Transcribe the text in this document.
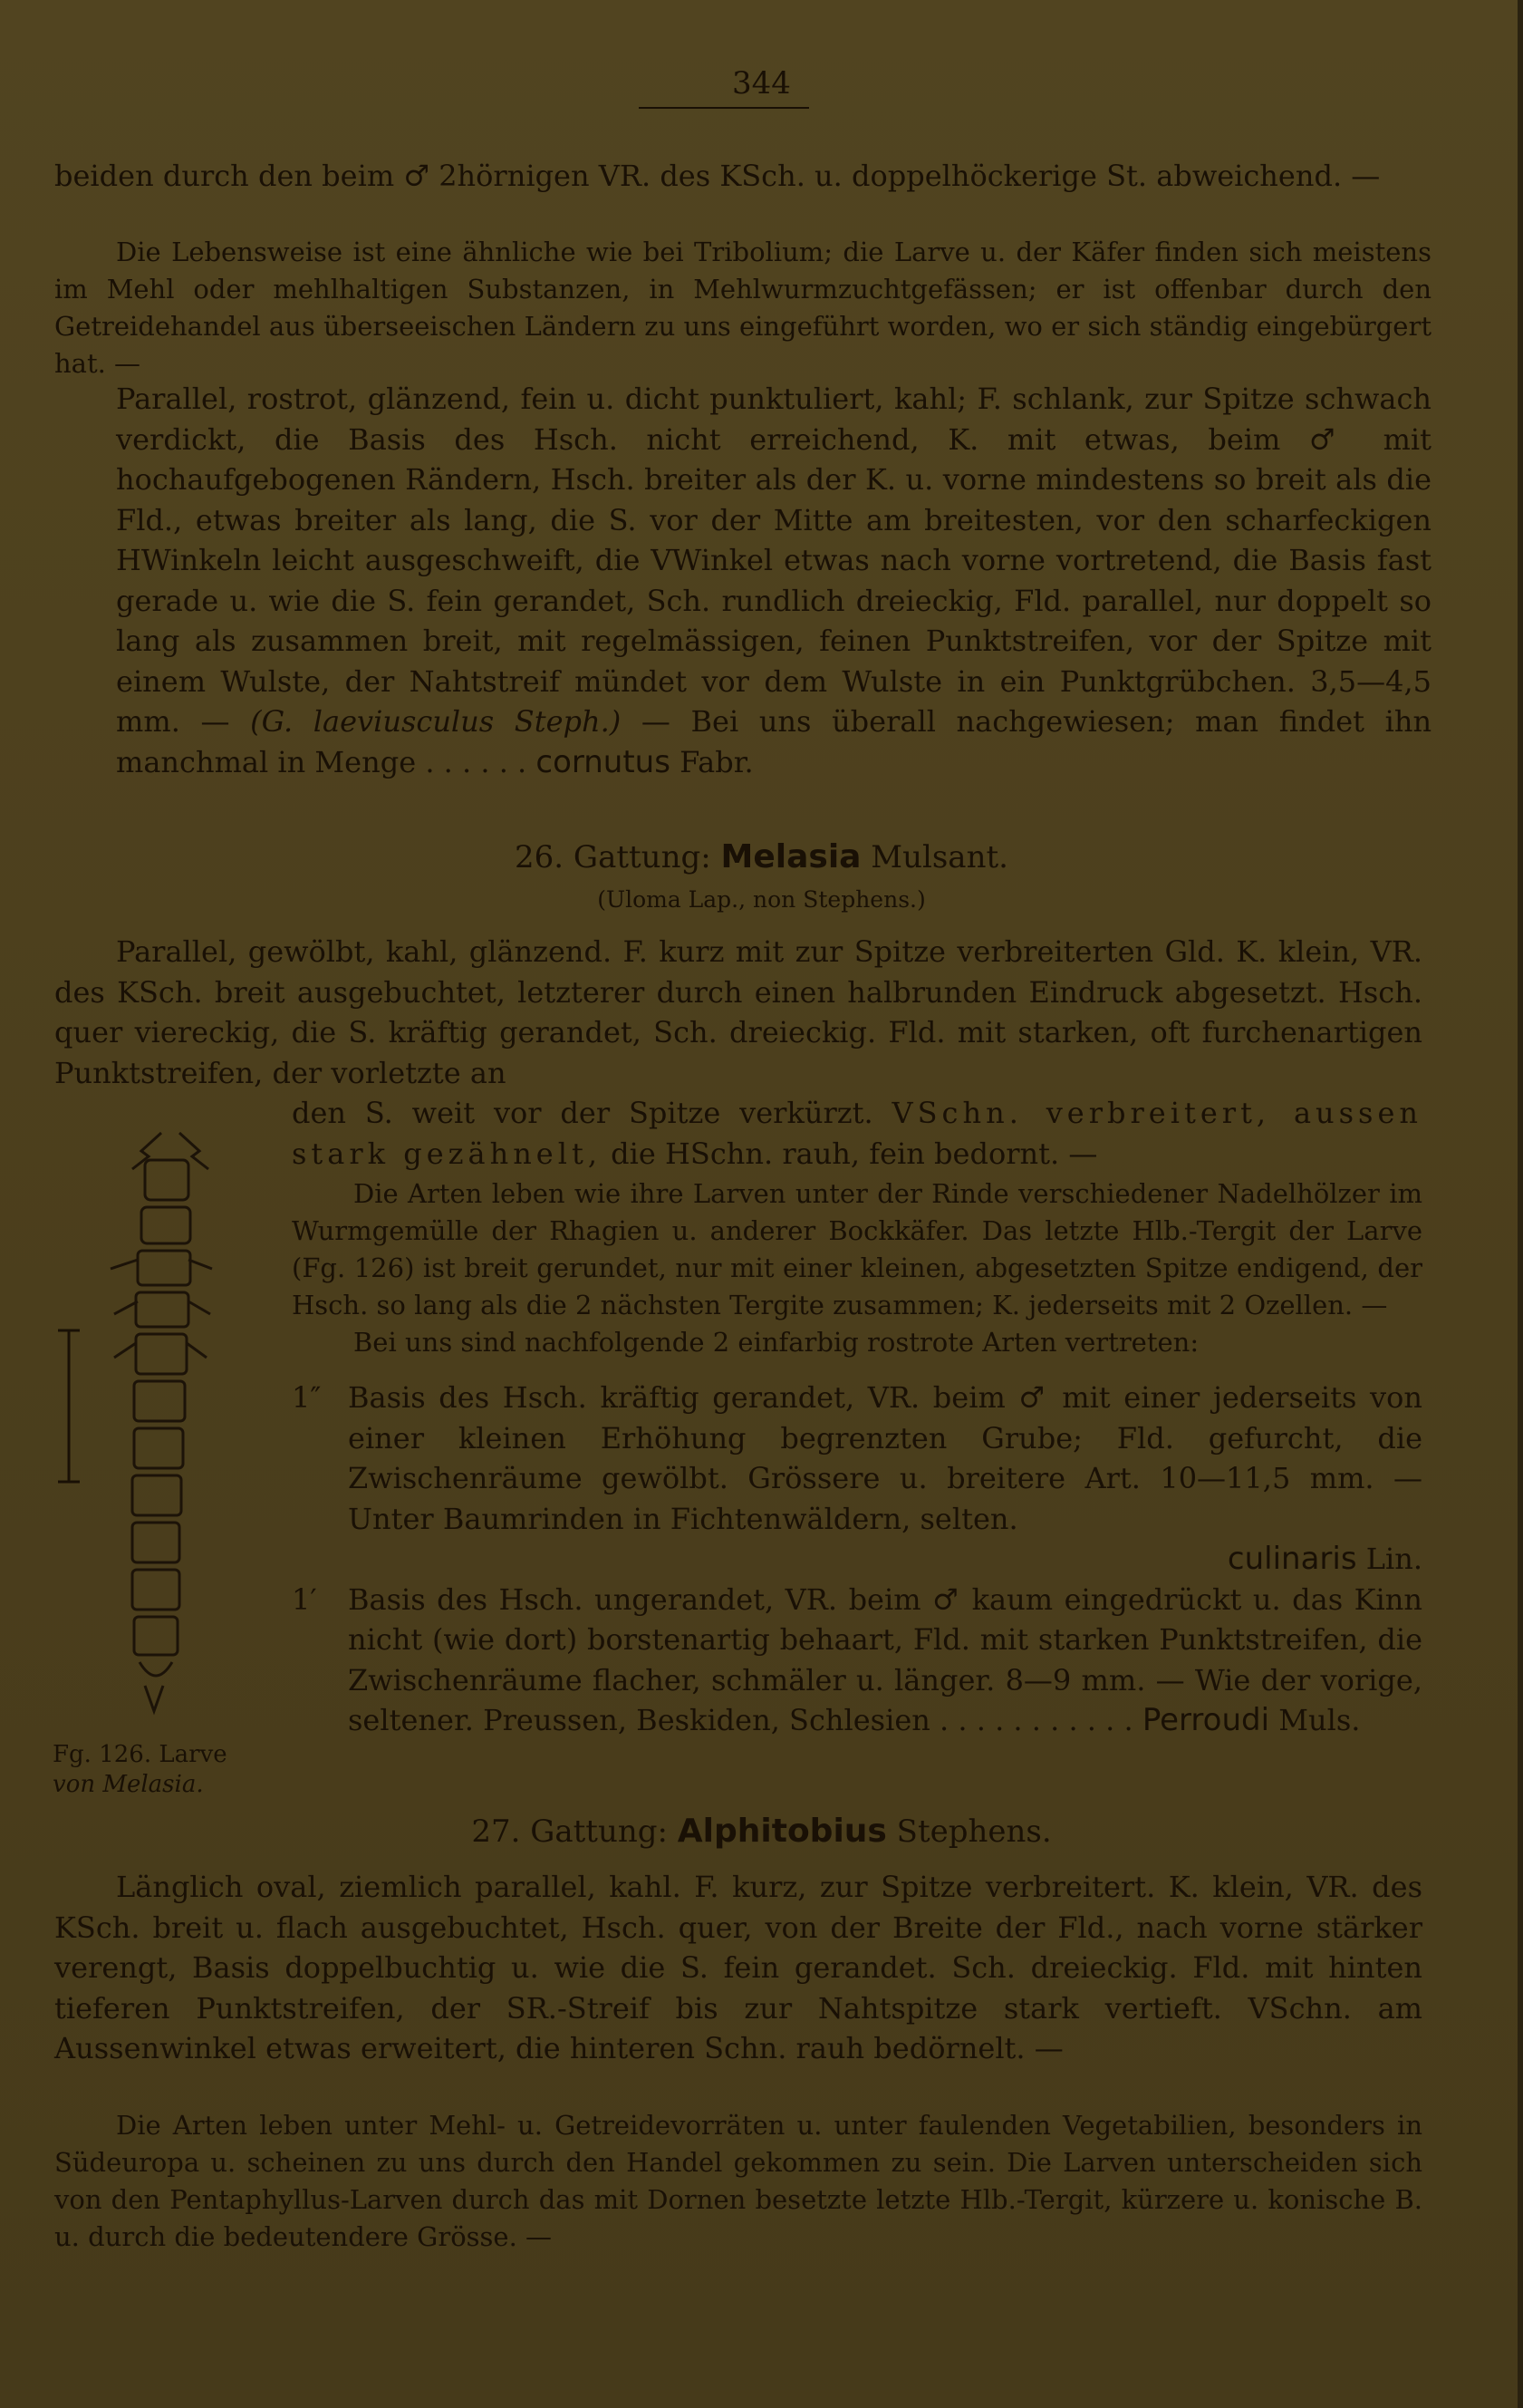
344

beiden durch den beim ♂ 2hörnigen VR. des KSch. u. doppelhöckerige St. abweichend. —

Die Lebensweise ist eine ähnliche wie bei Tribolium; die Larve u. der Käfer finden sich meistens im Mehl oder mehlhaltigen Substanzen, in Mehlwurmzuchtgefässen; er ist offenbar durch den Getreidehandel aus überseeischen Ländern zu uns eingeführt worden, wo er sich ständig eingebürgert hat. —

Parallel, rostrot, glänzend, fein u. dicht punktuliert, kahl; F. schlank, zur Spitze schwach verdickt, die Basis des Hsch. nicht erreichend, K. mit etwas, beim ♂ mit hochaufgebogenen Rändern, Hsch. breiter als der K. u. vorne mindestens so breit als die Fld., etwas breiter als lang, die S. vor der Mitte am breitesten, vor den scharfeckigen HWinkeln leicht ausgeschweift, die VWinkel etwas nach vorne vortretend, die Basis fast gerade u. wie die S. fein gerandet, Sch. rundlich dreieckig, Fld. parallel, nur doppelt so lang als zusammen breit, mit regelmässigen, feinen Punktstreifen, vor der Spitze mit einem Wulste, der Nahtstreif mündet vor dem Wulste in ein Punktgrübchen. 3,5—4,5 mm. — (G. laeviusculus Steph.) — Bei uns überall nachgewiesen; man findet ihn manchmal in Menge . . . . . . cornutus Fabr.

26. Gattung: Melasia Mulsant.
(Uloma Lap., non Stephens.)

Parallel, gewölbt, kahl, glänzend. F. kurz mit zur Spitze verbreiterten Gld. K. klein, VR. des KSch. breit ausgebuchtet, letzterer durch einen halbrunden Eindruck abgesetzt. Hsch. quer viereckig, die S. kräftig gerandet, Sch. dreieckig. Fld. mit starken, oft furchenartigen Punktstreifen, der vorletzte an

den S. weit vor der Spitze verkürzt. VSchn. verbreitert, aussen stark gezähnelt, die HSchn. rauh, fein bedornt. —

Die Arten leben wie ihre Larven unter der Rinde verschiedener Nadelhölzer im Wurmgemülle der Rhagien u. anderer Bockkäfer. Das letzte Hlb.-Tergit der Larve (Fg. 126) ist breit gerundet, nur mit einer kleinen, abgesetzten Spitze endigend, der Hsch. so lang als die 2 nächsten Tergite zusammen; K. jederseits mit 2 Ozellen. —

Bei uns sind nachfolgende 2 einfarbig rostrote Arten vertreten:

1″ Basis des Hsch. kräftig gerandet, VR. beim ♂ mit einer jederseits von einer kleinen Erhöhung begrenzten Grube; Fld. gefurcht, die Zwischenräume gewölbt. Grössere u. breitere Art. 10—11,5 mm. — Unter Baumrinden in Fichtenwäldern, selten.
culinaris Lin.
1′	Basis des Hsch. ungerandet, VR. beim ♂ kaum eingedrückt u. das Kinn nicht (wie dort) borstenartig behaart, Fld. mit starken Punktstreifen, die Zwischenräume flacher, schmäler u. länger. 8—9 mm. — Wie der vorige, seltener. Preussen, Beskiden, Schlesien . . . . . . . . . . . Perroudi Muls.
Fg. 126. Larve
von Melasia.
27. Gattung: Alphitobius Stephens.

Länglich oval, ziemlich parallel, kahl. F. kurz, zur Spitze verbreitert. K. klein, VR. des KSch. breit u. flach ausgebuchtet, Hsch. quer, von der Breite der Fld., nach vorne stärker verengt, Basis doppelbuchtig u. wie die S. fein gerandet. Sch. dreieckig. Fld. mit hinten tieferen Punktstreifen, der SR.-Streif bis zur Nahtspitze stark vertieft. VSchn. am Aussenwinkel etwas erweitert, die hinteren Schn. rauh bedörnelt. —

Die Arten leben unter Mehl- u. Getreidevorräten u. unter faulenden Vegetabilien, besonders in Südeuropa u. scheinen zu uns durch den Handel gekommen zu sein. Die Larven unterscheiden sich von den Pentaphyllus-Larven durch das mit Dornen besetzte letzte Hlb.-Tergit, kürzere u. konische B. u. durch die bedeutendere Grösse. —
